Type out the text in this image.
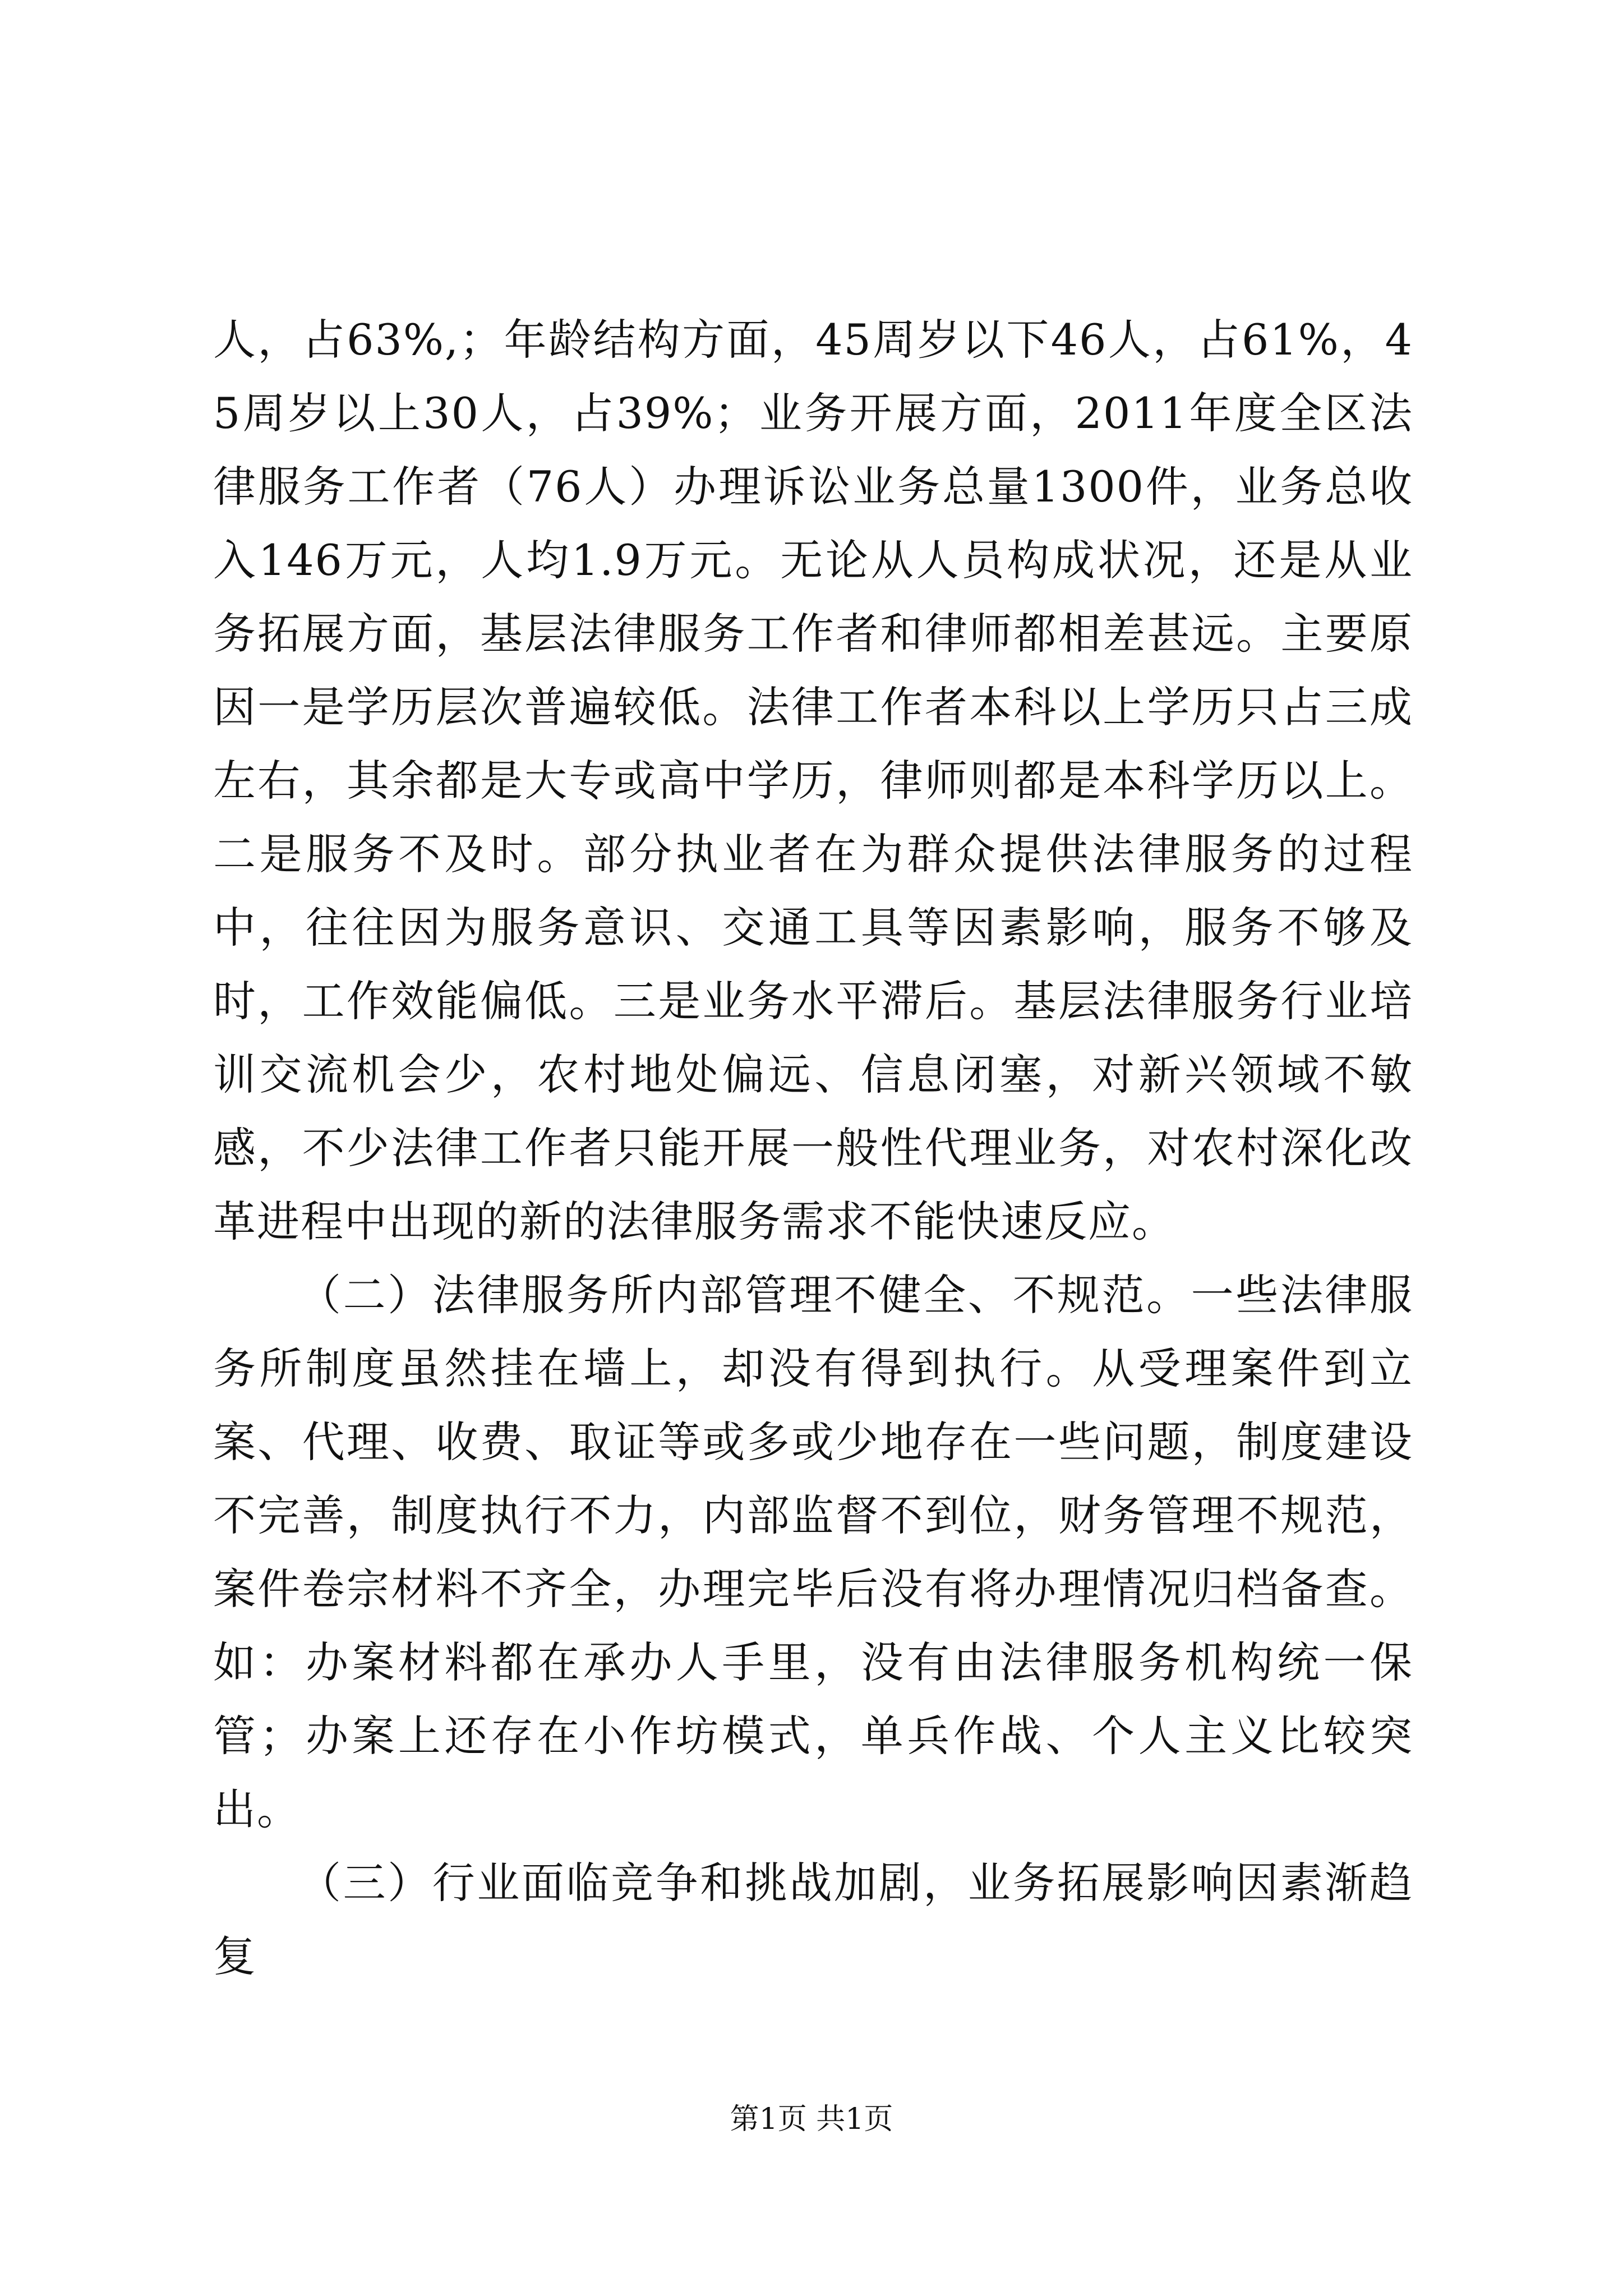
人，占63%,；年龄结构方面，45周岁以下46人，占61%，45周岁以上30人，占39%；业务开展方面，2011年度全区法律服务工作者（76人）办理诉讼业务总量1300件，业务总收入146万元，人均1.9万元。无论从人员构成状况，还是从业务拓展方面，基层法律服务工作者和律师都相差甚远。主要原因一是学历层次普遍较低。法律工作者本科以上学历只占三成左右，其余都是大专或高中学历，律师则都是本科学历以上。二是服务不及时。部分执业者在为群众提供法律服务的过程中，往往因为服务意识、交通工具等因素影响，服务不够及时，工作效能偏低。三是业务水平滞后。基层法律服务行业培训交流机会少，农村地处偏远、信息闭塞，对新兴领域不敏感，不少法律工作者只能开展一般性代理业务，对农村深化改革进程中出现的新的法律服务需求不能快速反应。

（二）法律服务所内部管理不健全、不规范。一些法律服务所制度虽然挂在墙上，却没有得到执行。从受理案件到立案、代理、收费、取证等或多或少地存在一些问题，制度建设不完善，制度执行不力，内部监督不到位，财务管理不规范，案件卷宗材料不齐全，办理完毕后没有将办理情况归档备查。如：办案材料都在承办人手里，没有由法律服务机构统一保管；办案上还存在小作坊模式，单兵作战、个人主义比较突出。

（三）行业面临竞争和挑战加剧，业务拓展影响因素渐趋复

第1页 共1页
